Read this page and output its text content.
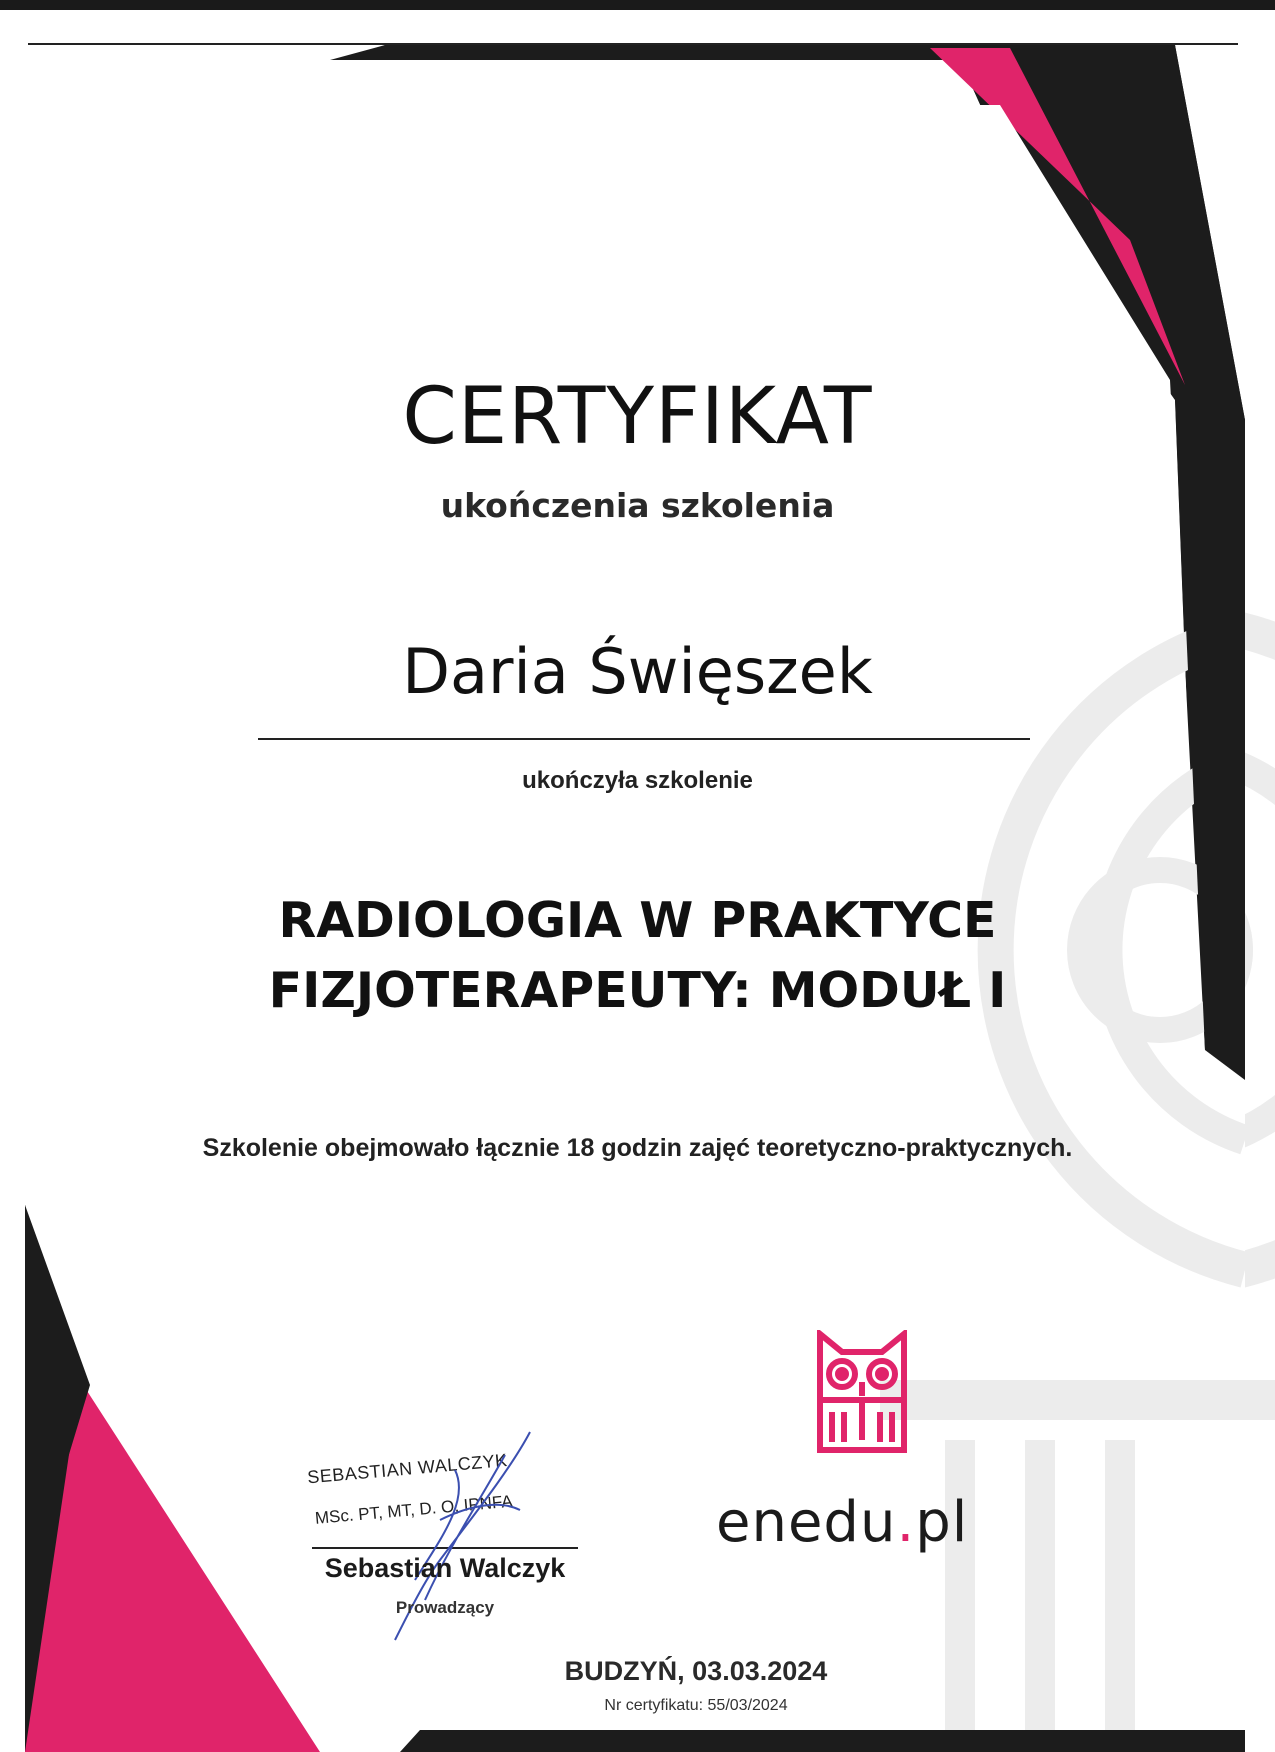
CERTYFIKAT
ukończenia szkolenia
Daria Święszek
ukończyła szkolenie
RADIOLOGIA W PRAKTYCE
FIZJOTERAPEUTY: MODUŁ I
Szkolenie obejmowało łącznie 18 godzin zajęć teoretyczno-praktycznych.
SEBASTIAN WALCZYK
MSc. PT, MT, D. O, IPNFA
Sebastian Walczyk
Prowadzący
enedu.pl
BUDZYŃ, 03.03.2024
Nr certyfikatu: 55/03/2024
